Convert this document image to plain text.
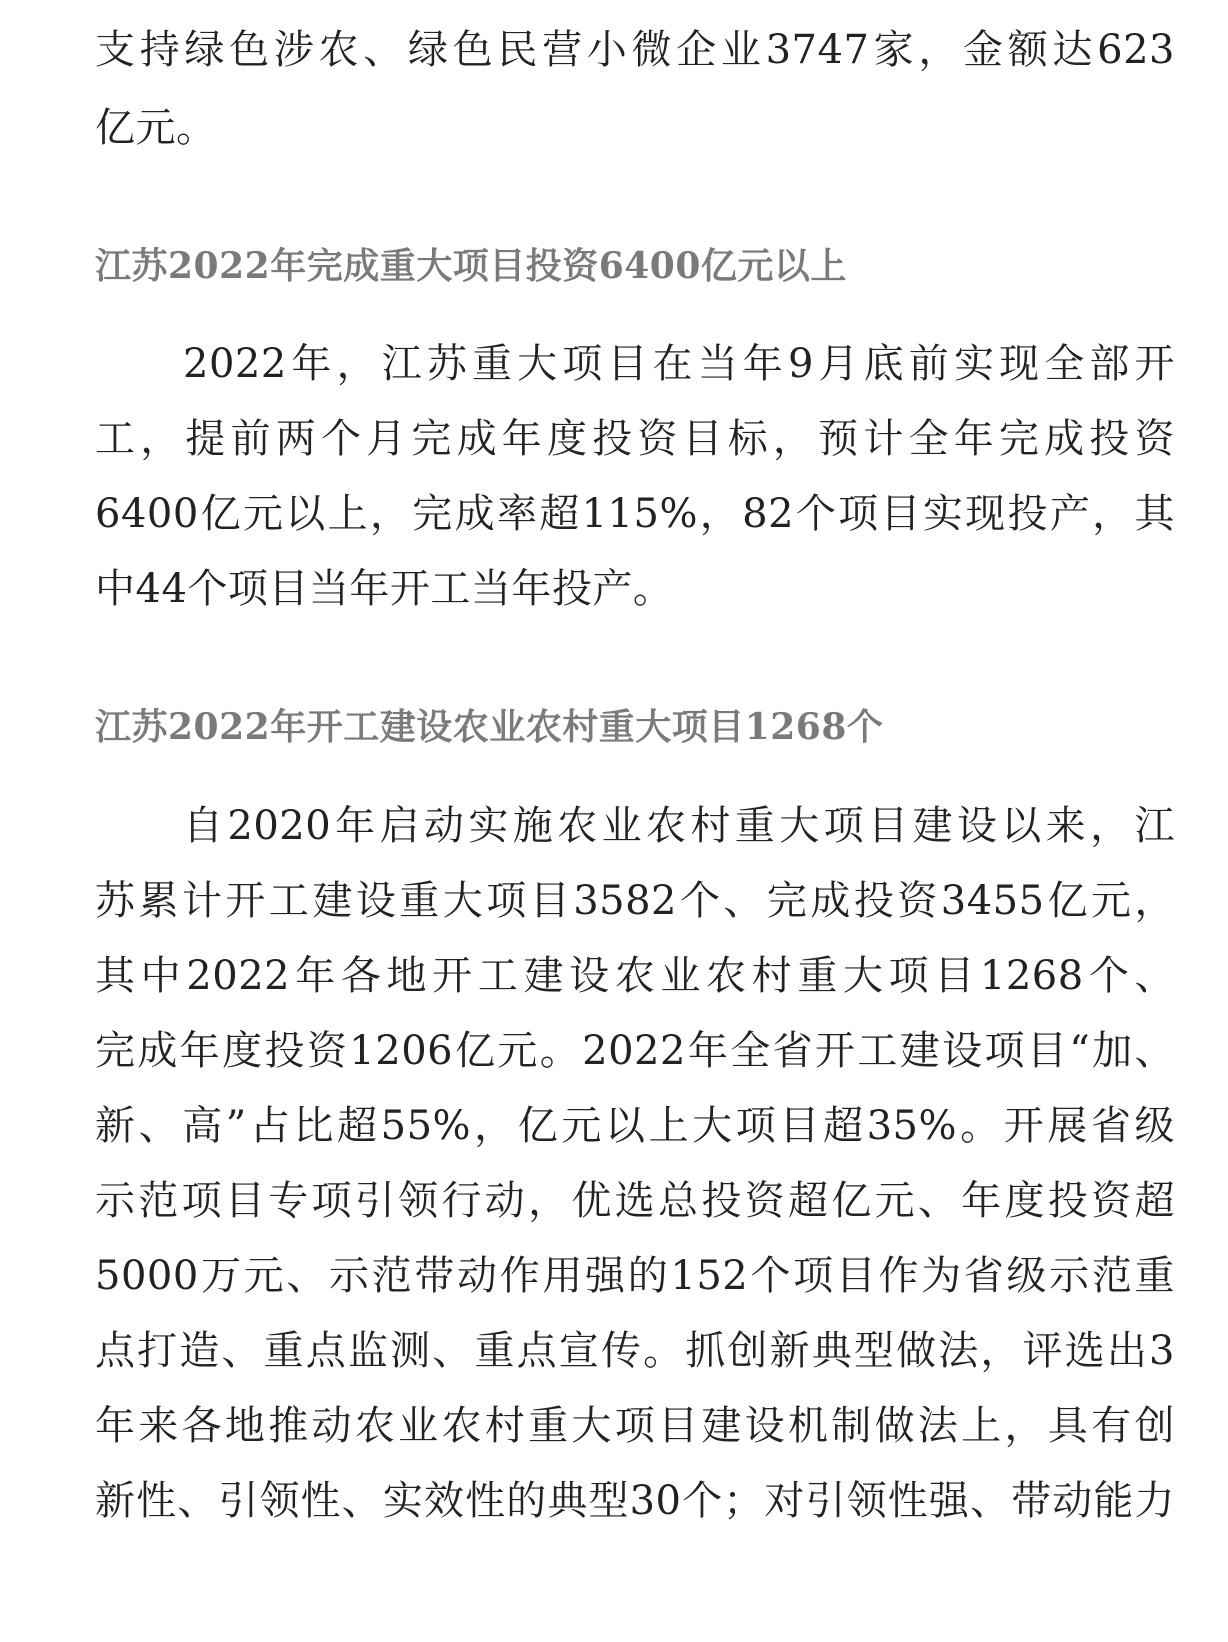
支持绿色涉农、绿色民营小微企业3747家，金额达623
亿元。
江苏2022年完成重大项目投资6400亿元以上
2022年，江苏重大项目在当年9月底前实现全部开
工，提前两个月完成年度投资目标，预计全年完成投资
6400亿元以上，完成率超115%，82个项目实现投产，其
中44个项目当年开工当年投产。
江苏2022年开工建设农业农村重大项目1268个
自2020年启动实施农业农村重大项目建设以来，江
苏累计开工建设重大项目3582个、完成投资3455亿元，
其中2022年各地开工建设农业农村重大项目1268个、
完成年度投资1206亿元。2022年全省开工建设项目“加、
新、高”占比超55%，亿元以上大项目超35%。开展省级
示范项目专项引领行动，优选总投资超亿元、年度投资超
5000万元、示范带动作用强的152个项目作为省级示范重
点打造、重点监测、重点宣传。抓创新典型做法，评选出3
年来各地推动农业农村重大项目建设机制做法上，具有创
新性、引领性、实效性的典型30个；对引领性强、带动能力
